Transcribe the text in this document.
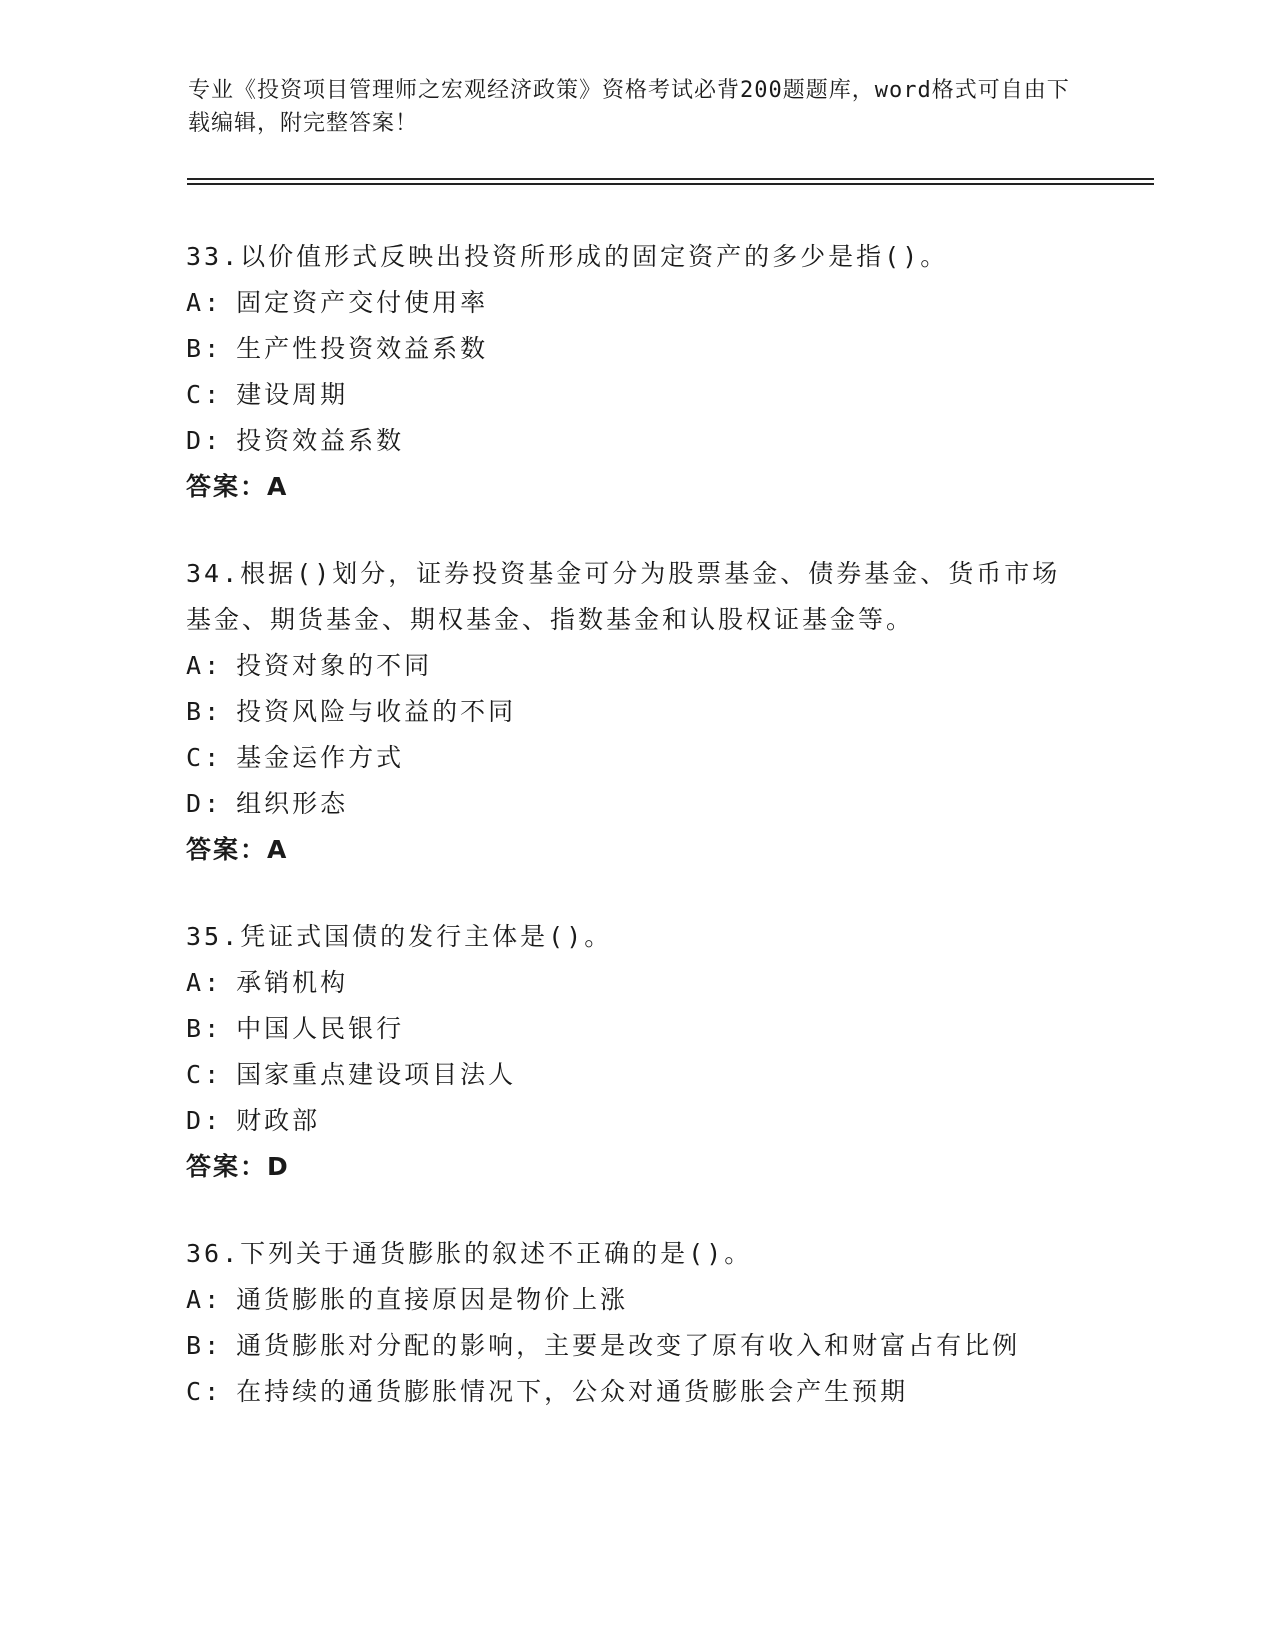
专业《投资项目管理师之宏观经济政策》资格考试必背200题题库，word格式可自由下载编辑，附完整答案！

33.以价值形式反映出投资所形成的固定资产的多少是指()。

A: 固定资产交付使用率

B: 生产性投资效益系数

C: 建设周期

D: 投资效益系数

答案：A

34.根据()划分，证券投资基金可分为股票基金、债券基金、货币市场基金、期货基金、期权基金、指数基金和认股权证基金等。

A: 投资对象的不同

B: 投资风险与收益的不同

C: 基金运作方式

D: 组织形态

答案：A

35.凭证式国债的发行主体是()。

A: 承销机构

B: 中国人民银行

C: 国家重点建设项目法人

D: 财政部

答案：D

36.下列关于通货膨胀的叙述不正确的是()。

A: 通货膨胀的直接原因是物价上涨

B: 通货膨胀对分配的影响，主要是改变了原有收入和财富占有比例

C: 在持续的通货膨胀情况下，公众对通货膨胀会产生预期
